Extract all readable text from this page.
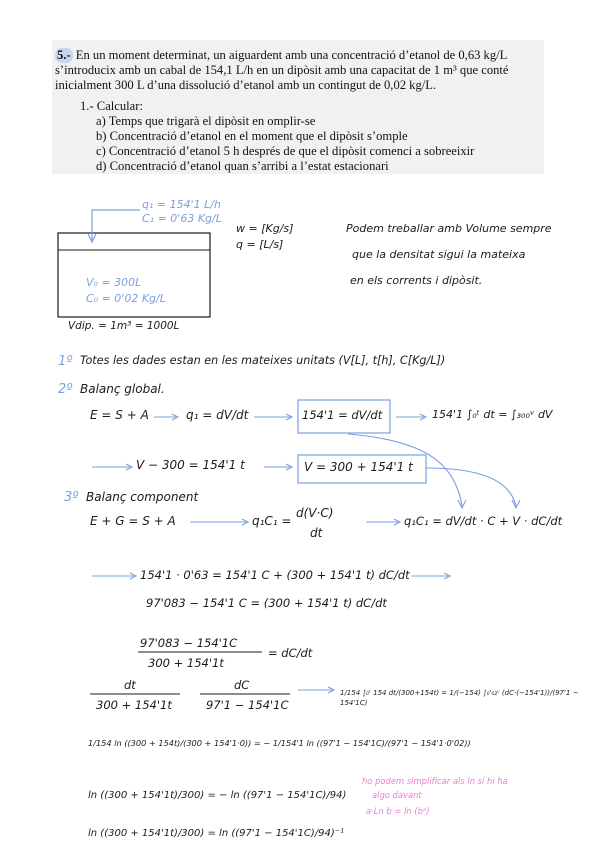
5.- En un moment determinat, un aiguardent amb una concentració d’etanol de 0,63 kg/L s’introducix amb un cabal de 154,1 L/h en un dipòsit amb una capacitat de 1 m³ que conté inicialment 300 L d’una dissolució d’etanol amb un contingut de 0,02 kg/L.
1.- Calcular:
a) Temps que trigarà el dipòsit en omplir-se
b) Concentració d’etanol en el moment que el dipòsit s’omple
c) Concentració d’etanol 5 h després de que el dipòsit comenci a sobreeixir
d) Concentració d’etanol quan s’arribi a l’estat estacionari
q₁ = 154'1 L/h
C₁ = 0'63 Kg/L
w = [Kg/s]
q = [L/s]
V₀ = 300L
C₀ = 0'02 Kg/L
Vdip. = 1m³ = 1000L
Podem treballar amb Volume sempre
que la densitat sigui la mateixa
en els corrents i dipòsit.
1º Totes les dades estan en les mateixes unitats (V[L], t[h], C[Kg/L])
2º Balanç global.
E = S + A	q₁ = dV/dt	154'1 = dV/dt	154'1 ∫₀ᵗ dt = ∫₃₀₀ᵛ dV
V − 300 = 154'1 t	V = 300 + 154'1 t
3º Balanç component
E + G = S + A	q₁C₁ =
d(V·C)
dt
q₁C₁ = dV/dt · C + V · dC/dt
154'1 · 0'63 = 154'1 C + (300 + 154'1 t) dC/dt
97'083 − 154'1 C = (300 + 154'1 t) dC/dt
97'083 − 154'1C
300 + 154'1t
= dC/dt
dt
300 + 154'1t
dC
97'1 − 154'1C
1/154 ∫₀ᵗ 154 dt/(300+154t) = 1/(−154) ∫₀'₀₂ᶜ (dC·(−154'1))/(97'1 − 154'1C)
1/154 ln ((300 + 154t)/(300 + 154'1·0)) = − 1/154'1 ln ((97'1 − 154'1C)/(97'1 − 154'1·0'02))
ln ((300 + 154'1t)/300) = − ln ((97'1 − 154'1C)/94)
ln ((300 + 154'1t)/300) = ln ((97'1 − 154'1C)/94)⁻¹
ho podem simplificar als ln si hi ha
algo davant
a·Ln b = ln (bᵃ)
